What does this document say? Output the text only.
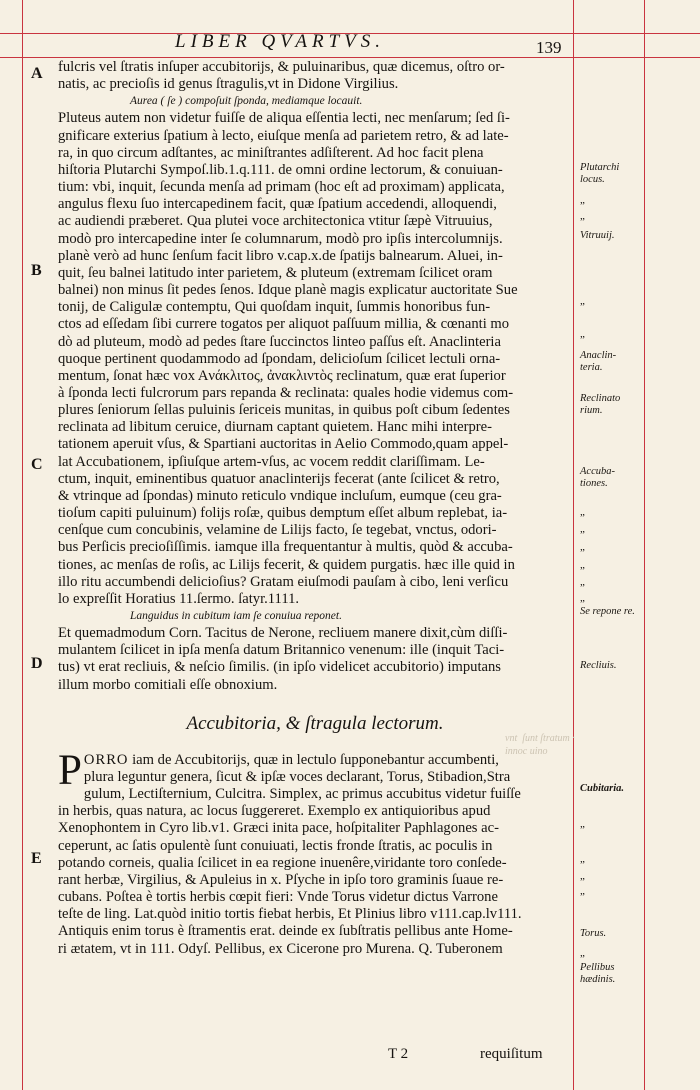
LIBER QVARTVS.	139
A
B
C
D
E

fulcris vel ſtratis inſuper accubitorijs, & puluinaribus, quæ dicemus, oſtro or-

natis, ac precioſis id genus ſtragulis,vt in Didone Virgilius.

Aurea ( ſe ) compoſuit ſponda, mediamque locauit.

Pluteus autem non videtur fuiſſe de aliqua eſſentia lecti, nec menſarum; ſed ſi-

gnificare exterius ſpatium à lecto, eiuſque menſa ad parietem retro, & ad late-

ra, in quo circum adſtantes, ac miniſtrantes adſiſterent. Ad hoc facit plena

hiſtoria Plutarchi Sympoſ.lib.1.q.111. de omni ordine lectorum, & conuiuan-

tium: vbi, inquit, ſecunda menſa ad primam (hoc eſt ad proximam) applicata,

angulus flexu ſuo intercapedinem facit, quæ ſpatium accedendi, alloquendi,

ac audiendi præberet. Qua plutei voce architectonica vtitur ſæpè Vitruuius,

modò pro intercapedine inter ſe columnarum, modò pro ipſis intercolumnijs.

planè verò ad hunc ſenſum facit libro v.cap.x.de ſpatijs balnearum. Aluei, in-

quit, ſeu balnei latitudo inter parietem, & pluteum (extremam ſcilicet oram

balnei) non minus ſit pedes ſenos. Idque planè magis explicatur auctoritate Sue

tonij, de Caligulæ contemptu, Qui quoſdam inquit, ſummis honoribus fun-

ctos ad eſſedam ſibi currere togatos per aliquot paſſuum millia, & cœnanti mo

dò ad pluteum, modò ad pedes ſtare ſuccinctos linteo paſſus eſt. Anaclinteria

quoque pertinent quodammodo ad ſpondam, delicioſum ſcilicet lectuli orna-

mentum, ſonat hæc vox Aνάκλιτος, ἀνακλιντὸς reclinatum, quæ erat ſuperior

à ſponda lecti fulcrorum pars repanda & reclinata: quales hodie videmus com-

plures ſeniorum ſellas puluinis ſericeis munitas, in quibus poſt cibum ſedentes

reclinata ad libitum ceruice, diurnam captant quietem. Hanc mihi interpre-

tationem aperuit vſus, & Spartiani auctoritas in Aelio Commodo,quam appel-

lat Accubationem, ipſiuſque artem-vſus, ac vocem reddit clariſſimam. Le-

ctum, inquit, eminentibus quatuor anaclinterijs fecerat (ante ſcilicet & retro,

& vtrinque ad ſpondas) minuto reticulo vndique incluſum, eumque (ceu gra-

tioſum capiti puluinum) folijs roſæ, quibus demptum eſſet album replebat, ia-

cenſque cum concubinis, velamine de Lilijs facto, ſe tegebat, vnctus, odori-

bus Perſicis precioſiſſimis. iamque illa frequentantur à multis, quòd & accuba-

tiones, ac menſas de roſis, ac Lilijs fecerit, & quidem purgatis. hæc ille quid in

illo ritu accumbendi delicioſius? Gratam eiuſmodi pauſam à cibo, leni verſicu

lo expreſſit Horatius 11.ſermo. ſatyr.1111.

Languidus in cubitum iam ſe conuiua reponet.

Et quemadmodum Corn. Tacitus de Nerone, recliuem manere dixit,cùm diſſi-

mulantem ſcilicet in ipſa menſa datum Britannico venenum: ille (inquit Taci-

tus) vt erat recliuis, & neſcio ſimilis. (in ipſo videlicet accubitorio) imputans

illum morbo comitiali eſſe obnoxium.

Accubitoria, & ſtragula lectorum.

PORRO iam de Accubitorijs, quæ in lectulo ſupponebantur accumbenti,

plura leguntur genera, ſicut & ipſæ voces declarant, Torus, Stibadion,Stra

gulum, Lectiſternium, Culcitra. Simplex, ac primus accubitus videtur fuiſſe

in herbis, quas natura, ac locus ſuggereret. Exemplo ex antiquioribus apud

Xenophontem in Cyro lib.v1. Græci inita pace, hoſpitaliter Paphlagones ac-

ceperunt, ac ſatis opulentè ſunt conuiuati, lectis fronde ſtratis, ac poculis in

potando corneis, qualia ſcilicet in ea regione inuenêre,viridante toro conſede-

rant herbæ, Virgilius, & Apuleius in x. Pſyche in ipſo toro graminis ſuaue re-

cubans. Poſtea è tortis herbis cœpit fieri: Vnde Torus videtur dictus Varrone

teſte de ling. Lat.quòd initio tortis fiebat herbis, Et Plinius libro v111.cap.lv111.

Antiquis enim torus è ſtramentis erat. deinde ex ſubſtratis pellibus ante Home-

ri ætatem, vt in 111. Odyſ. Pellibus, ex Cicerone pro Murena. Q. Tuberonem

T 2	requiſitum
Plutarchi locus.
Vitruuij.
Anaclin- teria.
Reclinato rium.
Accuba- tiones.
Se repone re.
Recliuis.
Cubitaria.
Torus.
Pellibus hædinis.
„
„
„
„
„
„
„
„
„
„
„
„
„
„
„
vnt  ſunt ſtratum · innoc uino
